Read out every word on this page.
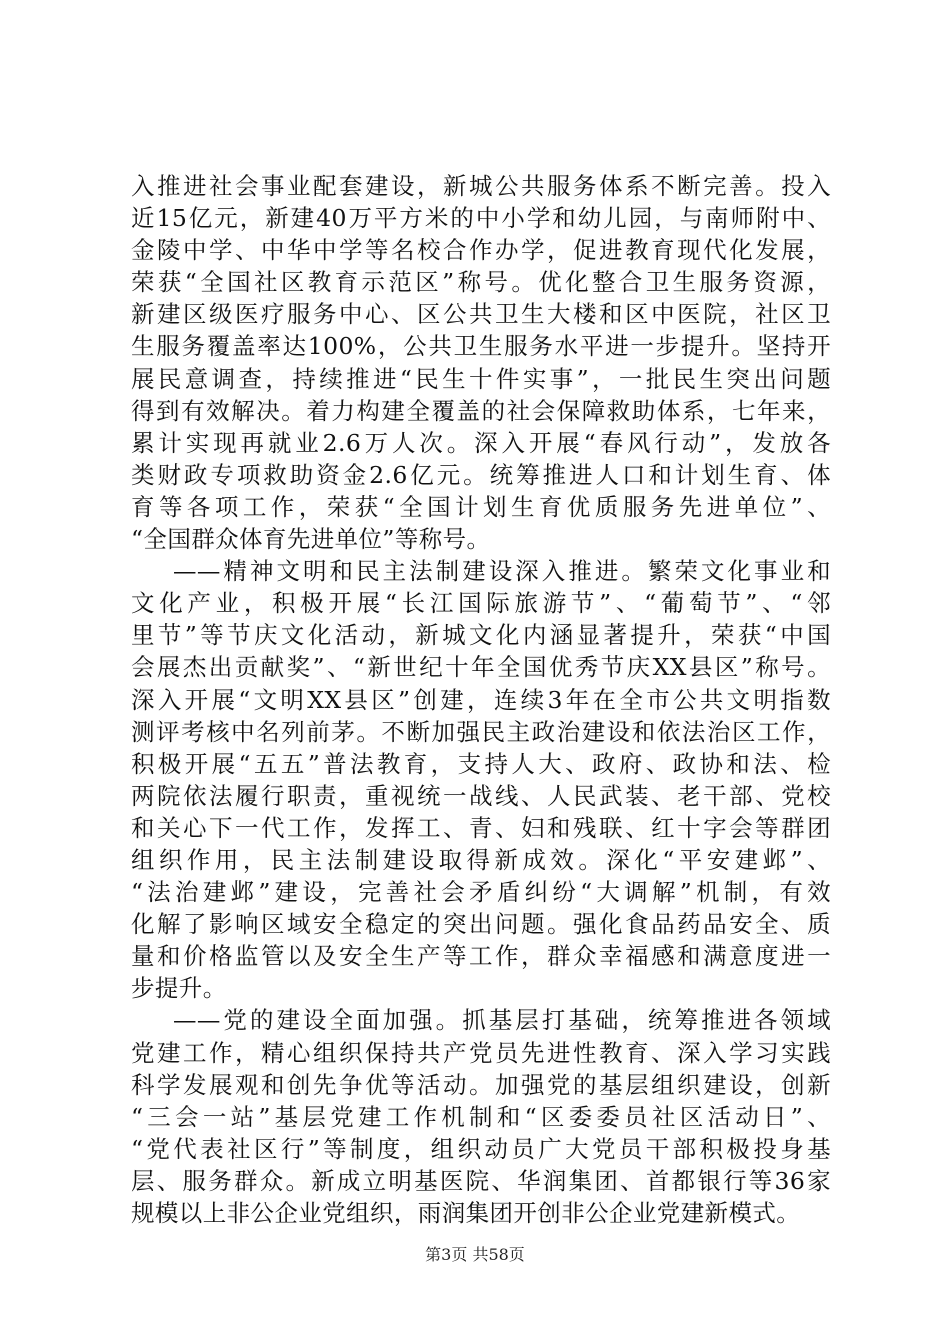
入推进社会事业配套建设，新城公共服务体系不断完善。投入
近15亿元，新建40万平方米的中小学和幼儿园，与南师附中、
金陵中学、中华中学等名校合作办学，促进教育现代化发展，
荣获“全国社区教育示范区”称号。优化整合卫生服务资源，
新建区级医疗服务中心、区公共卫生大楼和区中医院，社区卫
生服务覆盖率达100%，公共卫生服务水平进一步提升。坚持开
展民意调查，持续推进“民生十件实事”，一批民生突出问题
得到有效解决。着力构建全覆盖的社会保障救助体系，七年来，
累计实现再就业2.6万人次。深入开展“春风行动”，发放各
类财政专项救助资金2.6亿元。统筹推进人口和计划生育、体
育等各项工作，荣获“全国计划生育优质服务先进单位”、
“全国群众体育先进单位”等称号。
——精神文明和民主法制建设深入推进。繁荣文化事业和
文化产业，积极开展“长江国际旅游节”、“葡萄节”、“邻
里节”等节庆文化活动，新城文化内涵显著提升，荣获“中国
会展杰出贡献奖”、“新世纪十年全国优秀节庆XX县区”称号。
深入开展“文明XX县区”创建，连续3年在全市公共文明指数
测评考核中名列前茅。不断加强民主政治建设和依法治区工作，
积极开展“五五”普法教育，支持人大、政府、政协和法、检
两院依法履行职责，重视统一战线、人民武装、老干部、党校
和关心下一代工作，发挥工、青、妇和残联、红十字会等群团
组织作用，民主法制建设取得新成效。深化“平安建邺”、
“法治建邺”建设，完善社会矛盾纠纷“大调解”机制，有效
化解了影响区域安全稳定的突出问题。强化食品药品安全、质
量和价格监管以及安全生产等工作，群众幸福感和满意度进一
步提升。
——党的建设全面加强。抓基层打基础，统筹推进各领域
党建工作，精心组织保持共产党员先进性教育、深入学习实践
科学发展观和创先争优等活动。加强党的基层组织建设，创新
“三会一站”基层党建工作机制和“区委委员社区活动日”、
“党代表社区行”等制度，组织动员广大党员干部积极投身基
层、服务群众。新成立明基医院、华润集团、首都银行等36家
规模以上非公企业党组织，雨润集团开创非公企业党建新模式。
第3页 共58页
